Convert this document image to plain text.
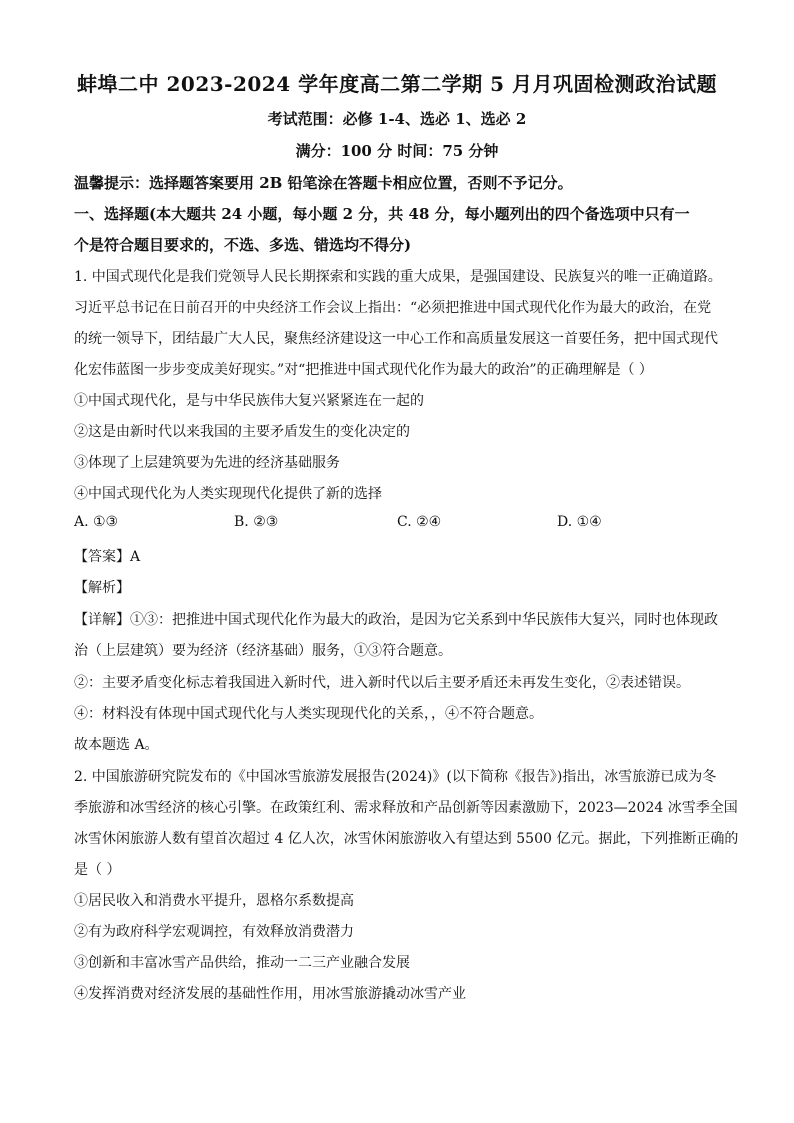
蚌埠二中 2023-2024 学年度高二第二学期 5 月月巩固检测政治试题
考试范围：必修 1-4、选必 1、选必 2
满分：100 分 时间：75 分钟
温馨提示：选择题答案要用 2B 铅笔涂在答题卡相应位置，否则不予记分。
一、选择题(本大题共 24 小题，每小题 2 分，共 48 分，每小题列出的四个备选项中只有一
个是符合题目要求的，不选、多选、错选均不得分)
1. 中国式现代化是我们党领导人民长期探索和实践的重大成果，是强国建设、民族复兴的唯一正确道路。
习近平总书记在日前召开的中央经济工作会议上指出：“必须把推进中国式现代化作为最大的政治，在党
的统一领导下，团结最广大人民，聚焦经济建设这一中心工作和高质量发展这一首要任务，把中国式现代
化宏伟蓝图一步步变成美好现实。”对“把推进中国式现代化作为最大的政治”的正确理解是（ ）
①中国式现代化，是与中华民族伟大复兴紧紧连在一起的
②这是由新时代以来我国的主要矛盾发生的变化决定的
③体现了上层建筑要为先进的经济基础服务
④中国式现代化为人类实现现代化提供了新的选择
A. ①③	B. ②③	C. ②④	D. ①④
【答案】A
【解析】
【详解】①③：把推进中国式现代化作为最大的政治，是因为它关系到中华民族伟大复兴，同时也体现政
治（上层建筑）要为经济（经济基础）服务，①③符合题意。
②：主要矛盾变化标志着我国进入新时代，进入新时代以后主要矛盾还未再发生变化，②表述错误。
④：材料没有体现中国式现代化与人类实现现代化的关系，，④不符合题意。
故本题选 A。
2. 中国旅游研究院发布的《中国冰雪旅游发展报告(2024)》(以下简称《报告》)指出，冰雪旅游已成为冬
季旅游和冰雪经济的核心引擎。在政策红利、需求释放和产品创新等因素激励下，2023—2024 冰雪季全国
冰雪休闲旅游人数有望首次超过 4 亿人次，冰雪休闲旅游收入有望达到 5500 亿元。据此，下列推断正确的
是（ ）
①居民收入和消费水平提升，恩格尔系数提高
②有为政府科学宏观调控，有效释放消费潜力
③创新和丰富冰雪产品供给，推动一二三产业融合发展
④发挥消费对经济发展的基础性作用，用冰雪旅游撬动冰雪产业
